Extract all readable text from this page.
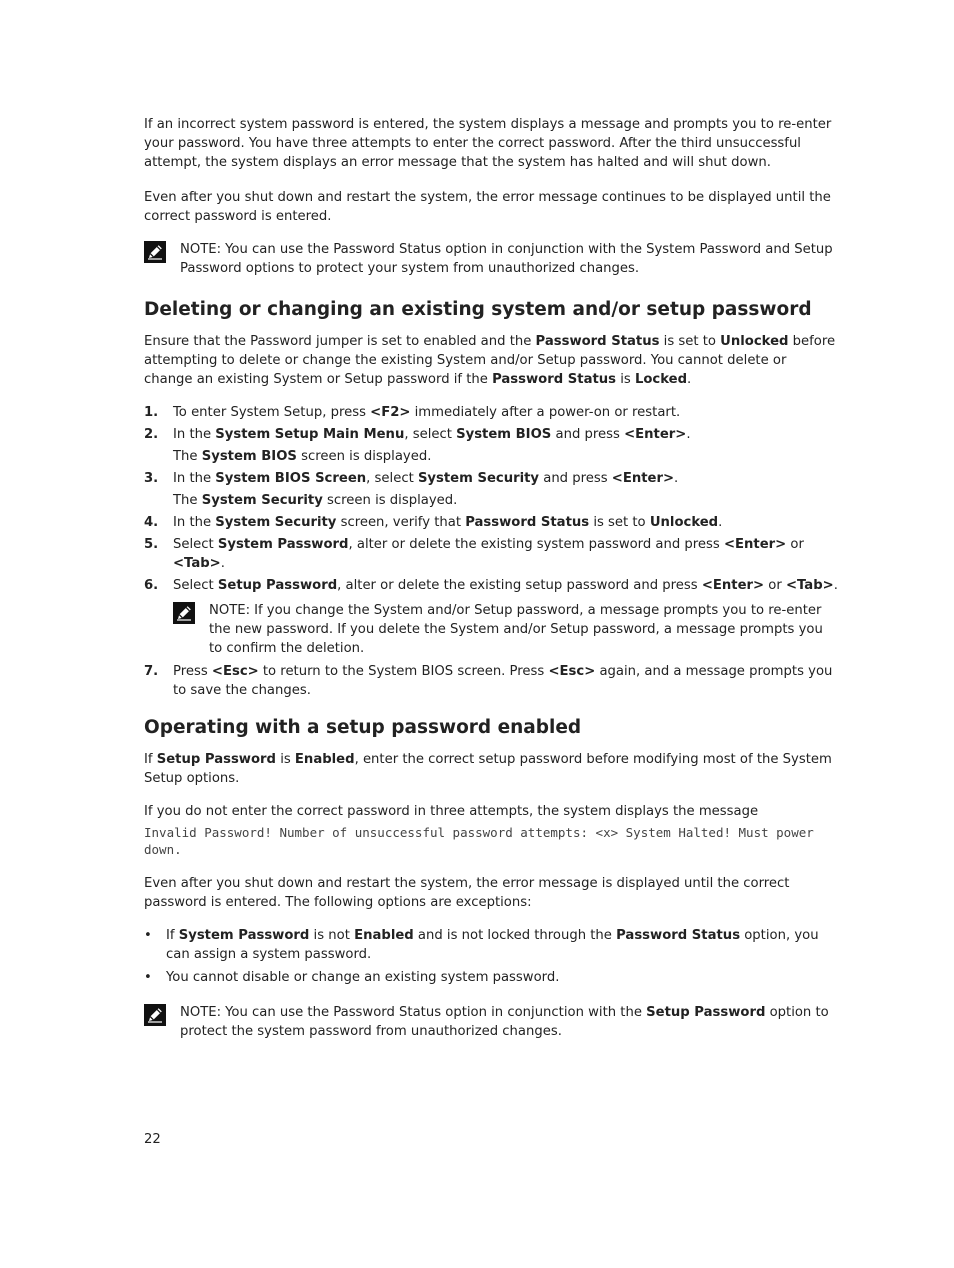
If an incorrect system password is entered, the system displays a message and prompts you to re-enter your password. You have three attempts to enter the correct password. After the third unsuccessful attempt, the system displays an error message that the system has halted and will shut down.

Even after you shut down and restart the system, the error message continues to be displayed until the correct password is entered.

NOTE: You can use the Password Status option in conjunction with the System Password and Setup Password options to protect your system from unauthorized changes.
Deleting or changing an existing system and/or setup password

Ensure that the Password jumper is set to enabled and the Password Status is set to Unlocked before attempting to delete or change the existing System and/or Setup password. You cannot delete or change an existing System or Setup password if the Password Status is Locked.

1. To enter System Setup, press <F2> immediately after a power-on or restart.
2. In the System Setup Main Menu, select System BIOS and press <Enter>.
The System BIOS screen is displayed.
3. In the System BIOS Screen, select System Security and press <Enter>.
The System Security screen is displayed.
4. In the System Security screen, verify that Password Status is set to Unlocked.
5. Select System Password, alter or delete the existing system password and press <Enter> or <Tab>.
6. Select Setup Password, alter or delete the existing setup password and press <Enter> or <Tab>.
NOTE: If you change the System and/or Setup password, a message prompts you to re-enter the new password. If you delete the System and/or Setup password, a message prompts you to confirm the deletion.
7. Press <Esc> to return to the System BIOS screen. Press <Esc> again, and a message prompts you to save the changes.
Operating with a setup password enabled

If Setup Password is Enabled, enter the correct setup password before modifying most of the System Setup options.

If you do not enter the correct password in three attempts, the system displays the message

Invalid Password! Number of unsuccessful password attempts: <x> System Halted! Must power down.

Even after you shut down and restart the system, the error message is displayed until the correct password is entered. The following options are exceptions:

• If System Password is not Enabled and is not locked through the Password Status option, you can assign a system password.
• You cannot disable or change an existing system password.
NOTE: You can use the Password Status option in conjunction with the Setup Password option to protect the system password from unauthorized changes.
22
